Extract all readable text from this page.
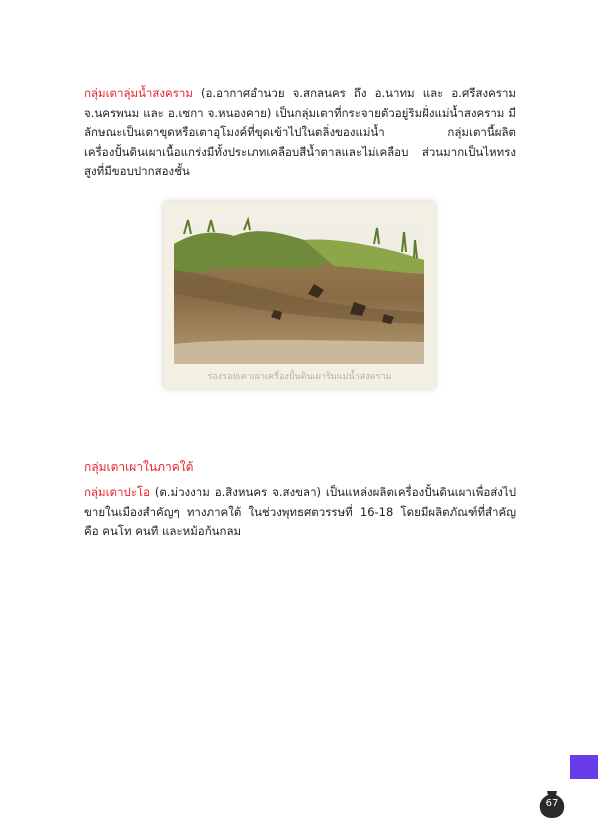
กลุ่มเตาลุ่มน้ำสงคราม (อ.อากาศอำนวย จ.สกลนคร ถึง อ.นาทม และ อ.ศรีสงคราม จ.นครพนม และ อ.เซกา จ.หนองคาย) เป็นกลุ่มเตาที่กระจายตัวอยู่ริมฝั่งแม่น้ำสงคราม มีลักษณะเป็นเตาขุดหรือเตาอุโมงค์ที่ขุดเข้าไปในตลิ่งของแม่น้ำ กลุ่มเตานี้ผลิตเครื่องปั้นดินเผาเนื้อแกร่งมีทั้งประเภทเคลือบสีน้ำตาลและไม่เคลือบ ส่วนมากเป็นไหทรงสูงที่มีขอบปากสองชั้น
ร่องรอยเตาเผาเครื่องปั้นดินเผาริมแม่น้ำสงคราม
กลุ่มเตาเผาในภาคใต้
กลุ่มเตาปะโอ (ต.ม่วงงาม อ.สิงหนคร จ.สงขลา) เป็นแหล่งผลิตเครื่องปั้นดินเผาเพื่อส่งไปขายในเมืองสำคัญๆ ทางภาคใต้ ในช่วงพุทธศตวรรษที่ 16-18 โดยมีผลิตภัณฑ์ที่สำคัญคือ คนโท คนที และหม้อก้นกลม
67
